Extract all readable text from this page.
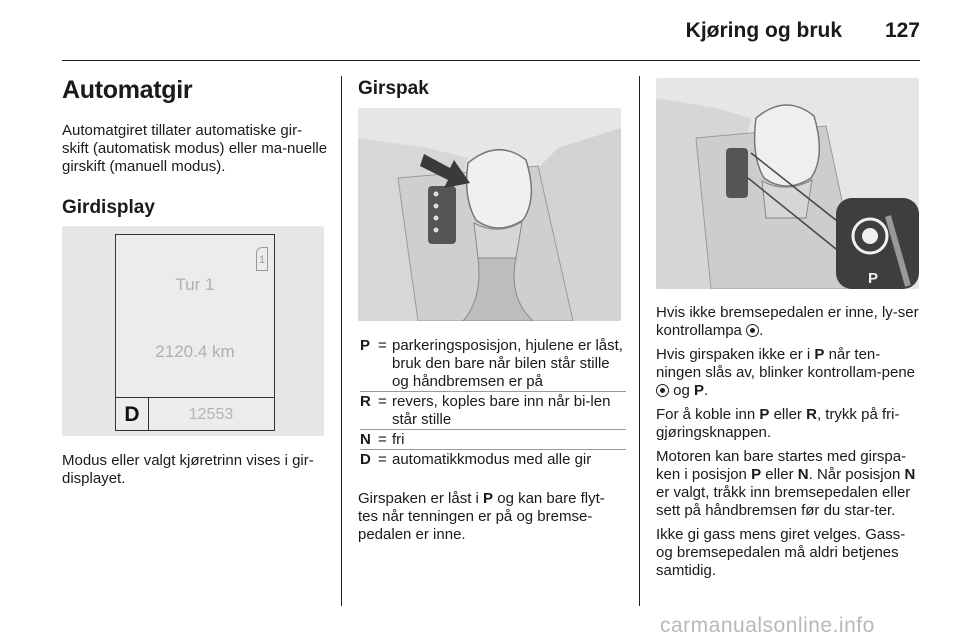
Kjøring og bruk 127
Automatgir

Automatgiret tillater automatiske gir-skift (automatisk modus) eller ma-nuelle girskift (manuell modus).

Girdisplay
Tur 1
2120.4 km
1
D	12553

Modus eller valgt kjøretrinn vises i gir-displayet.

Girspak
P = parkeringsposisjon, hjulene er låst, bruk den bare når bilen står stille og håndbremsen er på
R = revers, koples bare inn når bi-len står stille
N = fri
D = automatikkmodus med alle gir

Girspaken er låst i P og kan bare flyt-tes når tenningen er på og bremse-pedalen er inne.

P

Hvis ikke bremsepedalen er inne, ly-ser kontrollampa .

Hvis girspaken ikke er i P når ten-ningen slås av, blinker kontrollam-pene  og P.

For å koble inn P eller R, trykk på fri-gjøringsknappen.

Motoren kan bare startes med girspa-ken i posisjon P eller N. Når posisjon N er valgt, tråkk inn bremsepedalen eller sett på håndbremsen før du star-ter.

Ikke gi gass mens giret velges. Gass- og bremsepedalen må aldri betjenes samtidig.

carmanualsonline.info
